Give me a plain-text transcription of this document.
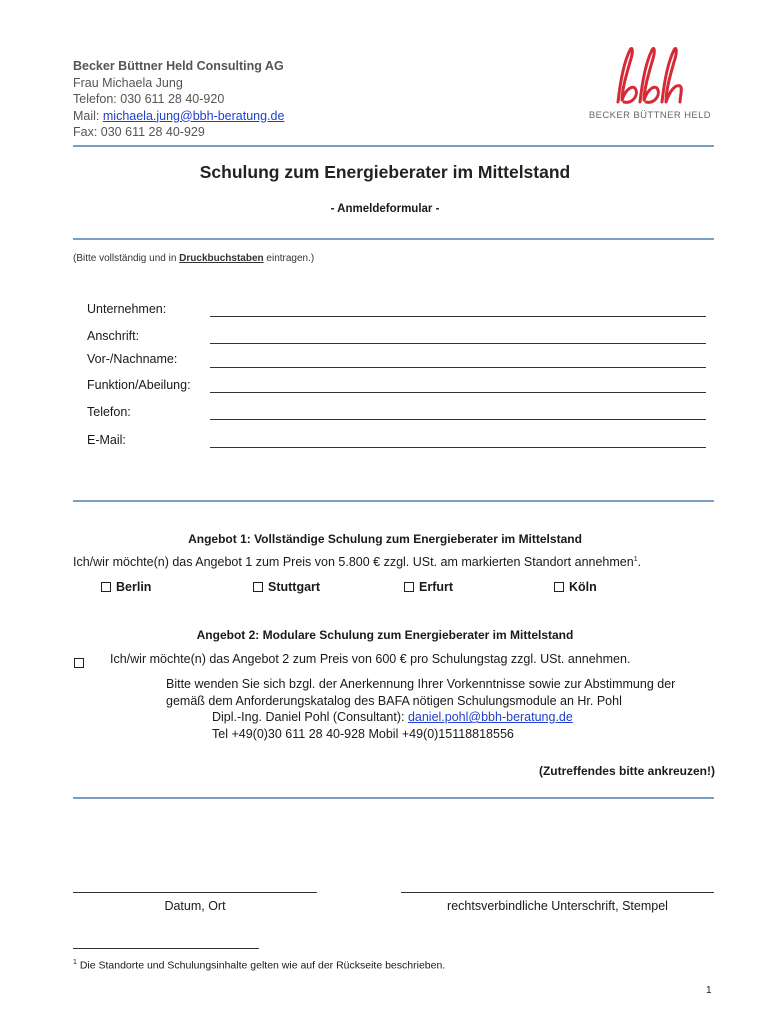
Becker Büttner Held Consulting AG
Frau Michaela Jung
Telefon: 030 611 28 40-920
Mail: michaela.jung@bbh-beratung.de
Fax: 030 611 28 40-929
BECKER BÜTTNER HELD
Schulung zum Energieberater im Mittelstand
- Anmeldeformular -
(Bitte vollständig und in Druckbuchstaben eintragen.)
Unternehmen:
Anschrift:
Vor-/Nachname:
Funktion/Abeilung:
Telefon:
E-Mail:
Angebot 1: Vollständige Schulung zum Energieberater im Mittelstand
Ich/wir möchte(n) das Angebot 1 zum Preis von 5.800 € zzgl. USt. am markierten Standort annehmen$^1$.
Berlin	Stuttgart	Erfurt	Köln
Angebot 2: Modulare Schulung zum Energieberater im Mittelstand
Ich/wir möchte(n) das Angebot 2 zum Preis von 600 € pro Schulungstag zzgl. USt. annehmen.
Bitte wenden Sie sich bzgl. der Anerkennung Ihrer Vorkenntnisse sowie zur Abstimmung der
gemäß dem Anforderungskatalog des BAFA nötigen Schulungsmodule an Hr. Pohl
Dipl.-Ing. Daniel Pohl (Consultant): daniel.pohl@bbh-beratung.de
Tel +49(0)30 611 28 40-928 Mobil +49(0)15118818556
(Zutreffendes bitte ankreuzen!)
Datum, Ort	rechtsverbindliche Unterschrift, Stempel
$^1$ Die Standorte und Schulungsinhalte gelten wie auf der Rückseite beschrieben.
1
